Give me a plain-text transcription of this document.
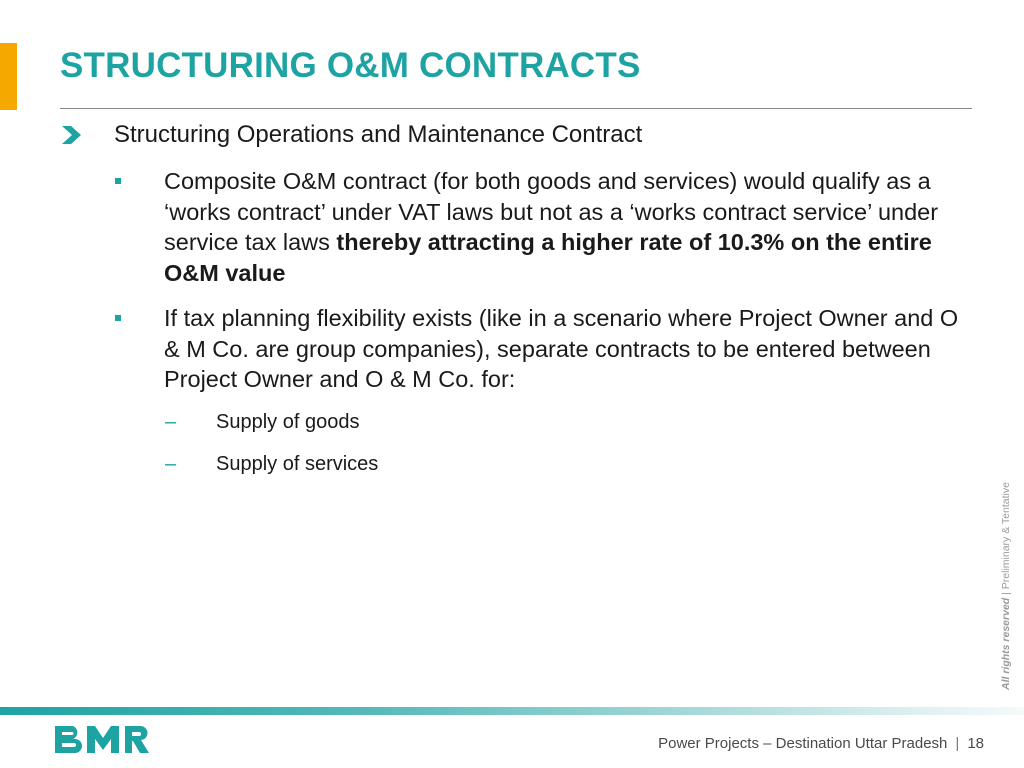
STRUCTURING O&M CONTRACTS
Structuring Operations and Maintenance Contract
Composite O&M contract (for both goods and services) would qualify as a ‘works contract’ under VAT laws but not as a ‘works contract service’ under service tax laws thereby attracting a higher rate of 10.3% on the entire O&M value
If tax planning flexibility exists (like in a scenario where Project Owner and O & M Co. are group companies), separate contracts to be entered between Project Owner and O & M Co. for:
– Supply of goods
– Supply of services
All rights reserved | Preliminary & Tentative
Power Projects – Destination Uttar Pradesh | 18
